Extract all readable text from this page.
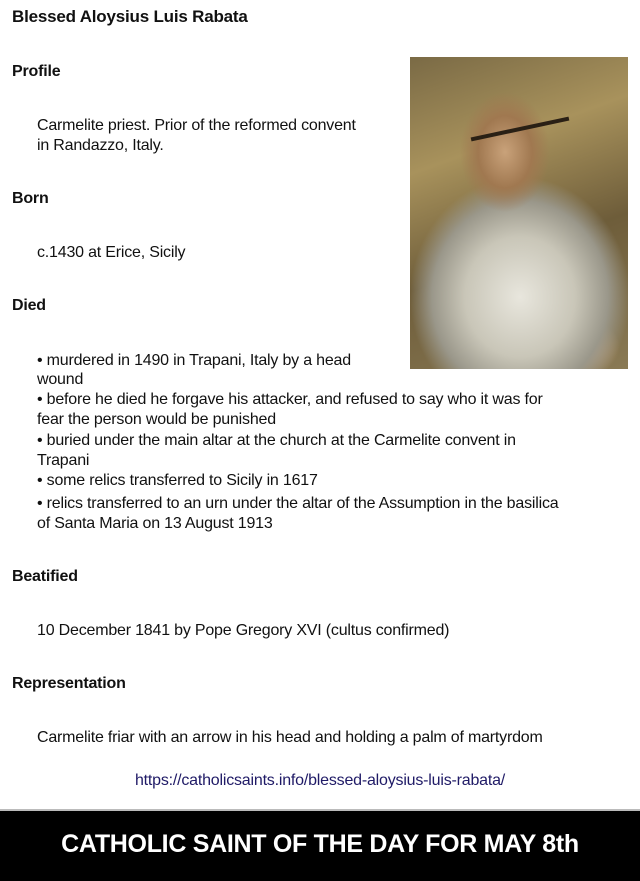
Blessed Aloysius Luis Rabata
Profile
Carmelite priest. Prior of the reformed convent
in Randazzo, Italy.
Born
c.1430 at Erice, Sicily
Died
• murdered in 1490 in Trapani, Italy by a head
wound
• before he died he forgave his attacker, and refused to say who it was for
fear the person would be punished
• buried under the main altar at the church at the Carmelite convent in
Trapani
• some relics transferred to Sicily in 1617
• relics transferred to an urn under the altar of the Assumption in the basilica
of Santa Maria on 13 August 1913
Beatified
10 December 1841 by Pope Gregory XVI (cultus confirmed)
Representation
Carmelite friar with an arrow in his head and holding a palm of martyrdom
https://catholicsaints.info/blessed-aloysius-luis-rabata/
CATHOLIC SAINT OF THE DAY FOR MAY 8th
